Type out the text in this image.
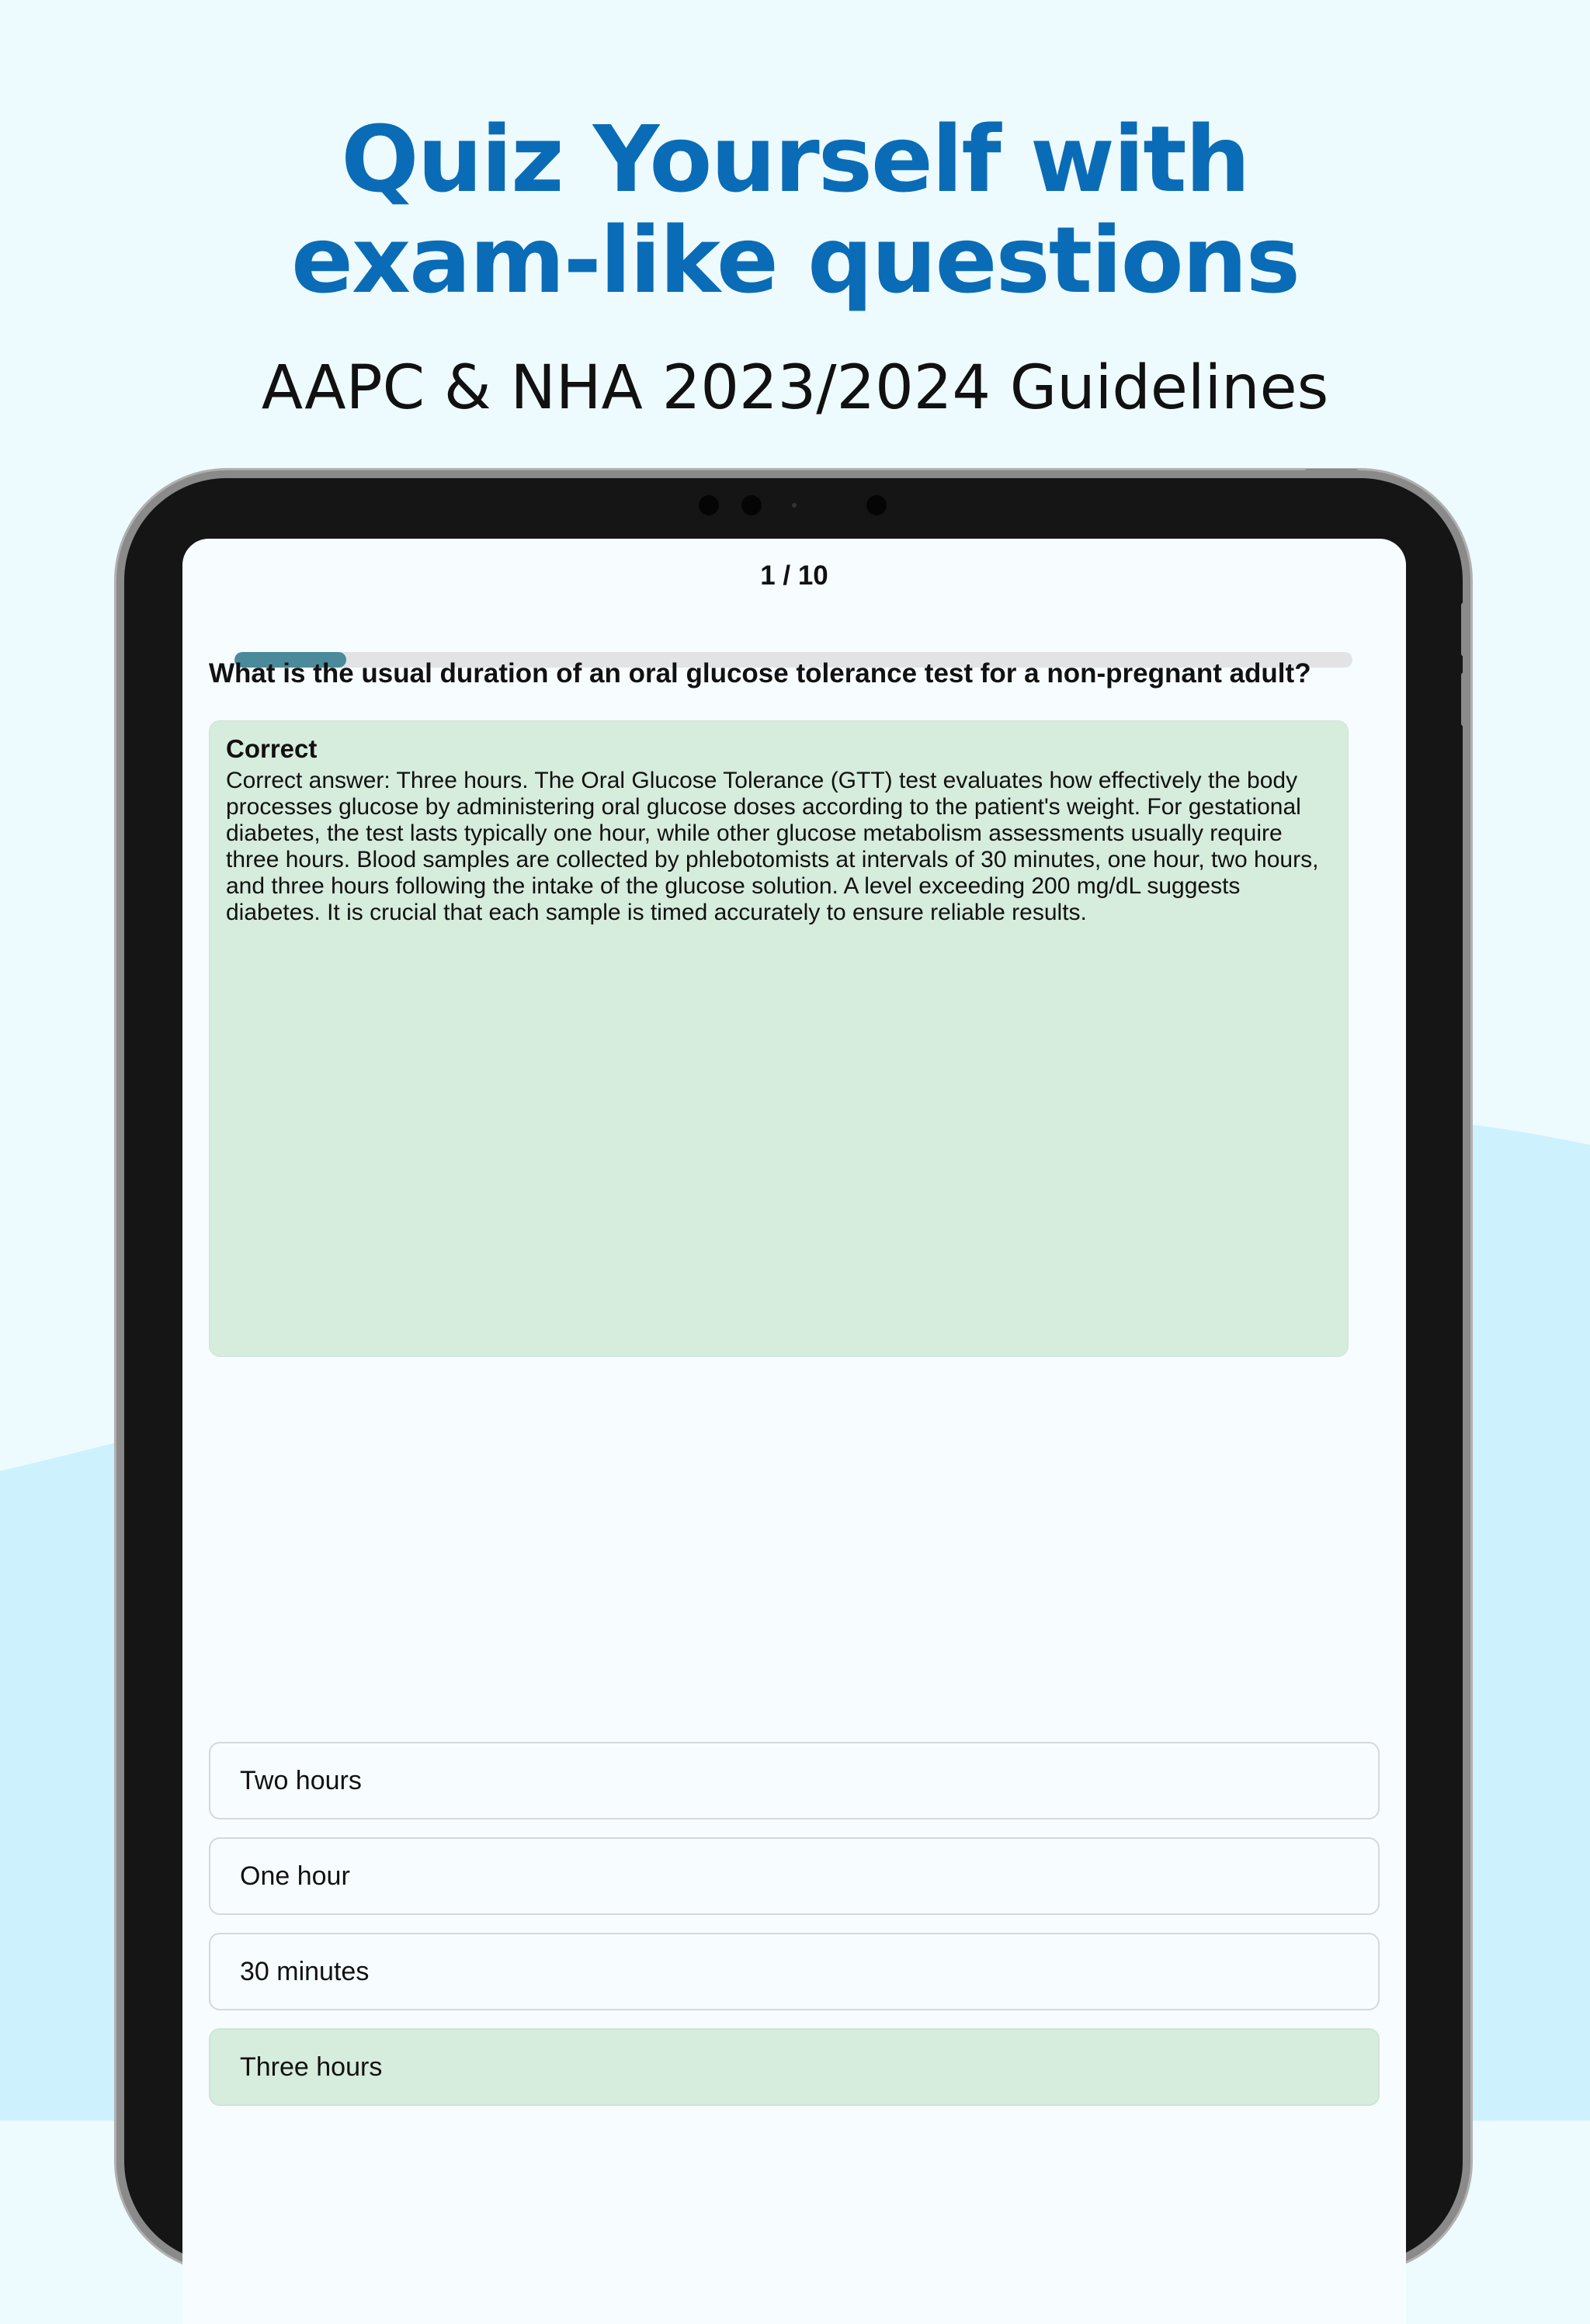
Quiz Yourself with
exam-like questions

AAPC & NHA 2023/2024 Guidelines

1 / 10
What is the usual duration of an oral glucose tolerance test for a non-pregnant adult?

Correct

Correct answer: Three hours. The Oral Glucose Tolerance (GTT) test evaluates how effectively the body processes glucose by administering oral glucose doses according to the patient's weight. For gestational diabetes, the test lasts typically one hour, while other glucose metabolism assessments usually require three hours. Blood samples are collected by phlebotomists at intervals of 30 minutes, one hour, two hours, and three hours following the intake of the glucose solution. A level exceeding 200 mg/dL suggests diabetes. It is crucial that each sample is timed accurately to ensure reliable results.

Two hours
One hour
30 minutes
Three hours
